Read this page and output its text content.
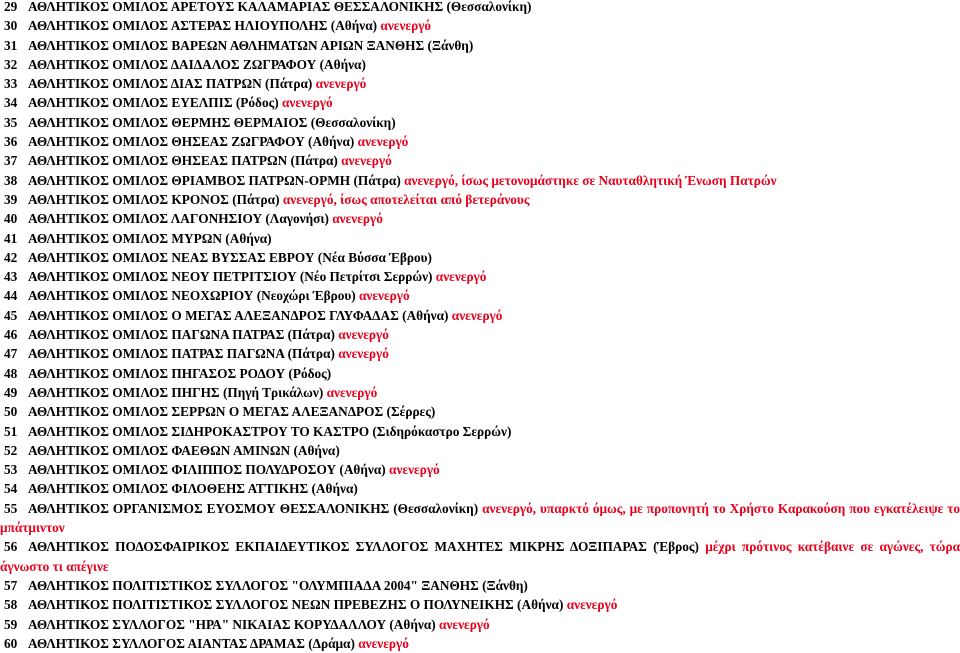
29 ΑΘΛΗΤΙΚΟΣ ΟΜΙΛΟΣ ΑΡΕΤΟΥΣ ΚΑΛΑΜΑΡΙΑΣ ΘΕΣΣΑΛΟΝΙΚΗΣ (Θεσσαλονίκη)
30 ΑΘΛΗΤΙΚΟΣ ΟΜΙΛΟΣ ΑΣΤΕΡΑΣ ΗΛΙΟΥΠΟΛΗΣ (Αθήνα) ανενεργό
31 ΑΘΛΗΤΙΚΟΣ ΟΜΙΛΟΣ ΒΑΡΕΩΝ ΑΘΛΗΜΑΤΩΝ ΑΡΙΩΝ ΞΑΝΘΗΣ (Ξάνθη)
32 ΑΘΛΗΤΙΚΟΣ ΟΜΙΛΟΣ ΔΑΙΔΑΛΟΣ ΖΩΓΡΑΦΟΥ (Αθήνα)
33 ΑΘΛΗΤΙΚΟΣ ΟΜΙΛΟΣ ΔΙΑΣ ΠΑΤΡΩΝ (Πάτρα) ανενεργό
34 ΑΘΛΗΤΙΚΟΣ ΟΜΙΛΟΣ ΕΥΕΛΠΙΣ (Ρόδος) ανενεργό
35 ΑΘΛΗΤΙΚΟΣ ΟΜΙΛΟΣ ΘΕΡΜΗΣ ΘΕΡΜΑΙΟΣ (Θεσσαλονίκη)
36 ΑΘΛΗΤΙΚΟΣ ΟΜΙΛΟΣ ΘΗΣΕΑΣ ΖΩΓΡΑΦΟΥ (Αθήνα) ανενεργό
37 ΑΘΛΗΤΙΚΟΣ ΟΜΙΛΟΣ ΘΗΣΕΑΣ ΠΑΤΡΩΝ (Πάτρα) ανενεργό
38 ΑΘΛΗΤΙΚΟΣ ΟΜΙΛΟΣ ΘΡΙΑΜΒΟΣ ΠΑΤΡΩΝ-ΟΡΜΗ (Πάτρα) ανενεργό, ίσως μετονομάστηκε σε Ναυταθλητική Ένωση Πατρών
39 ΑΘΛΗΤΙΚΟΣ ΟΜΙΛΟΣ ΚΡΟΝΟΣ (Πάτρα) ανενεργό, ίσως αποτελείται από βετεράνους
40 ΑΘΛΗΤΙΚΟΣ ΟΜΙΛΟΣ ΛΑΓΟΝΗΣΙΟΥ (Λαγονήσι) ανενεργό
41 ΑΘΛΗΤΙΚΟΣ ΟΜΙΛΟΣ ΜΥΡΩΝ (Αθήνα)
42 ΑΘΛΗΤΙΚΟΣ ΟΜΙΛΟΣ ΝΕΑΣ ΒΥΣΣΑΣ ΕΒΡΟΥ (Νέα Βύσσα Έβρου)
43 ΑΘΛΗΤΙΚΟΣ ΟΜΙΛΟΣ ΝΕΟΥ ΠΕΤΡΙΤΣΙΟΥ (Νέο Πετρίτσι Σερρών) ανενεργό
44 ΑΘΛΗΤΙΚΟΣ ΟΜΙΛΟΣ ΝΕΟΧΩΡΙΟΥ (Νεοχώρι Έβρου) ανενεργό
45 ΑΘΛΗΤΙΚΟΣ ΟΜΙΛΟΣ Ο ΜΕΓΑΣ ΑΛΕΞΑΝΔΡΟΣ ΓΛΥΦΑΔΑΣ (Αθήνα) ανενεργό
46 ΑΘΛΗΤΙΚΟΣ ΟΜΙΛΟΣ ΠΑΓΩΝΑ ΠΑΤΡΑΣ (Πάτρα) ανενεργό
47 ΑΘΛΗΤΙΚΟΣ ΟΜΙΛΟΣ ΠΑΤΡΑΣ ΠΑΓΩΝΑ (Πάτρα) ανενεργό
48 ΑΘΛΗΤΙΚΟΣ ΟΜΙΛΟΣ ΠΗΓΑΣΟΣ ΡΟΔΟΥ (Ρόδος)
49 ΑΘΛΗΤΙΚΟΣ ΟΜΙΛΟΣ ΠΗΓΗΣ (Πηγή Τρικάλων) ανενεργό
50 ΑΘΛΗΤΙΚΟΣ ΟΜΙΛΟΣ ΣΕΡΡΩΝ Ο ΜΕΓΑΣ ΑΛΕΞΑΝΔΡΟΣ (Σέρρες)
51 ΑΘΛΗΤΙΚΟΣ ΟΜΙΛΟΣ ΣΙΔΗΡΟΚΑΣΤΡΟΥ ΤΟ ΚΑΣΤΡΟ (Σιδηρόκαστρο Σερρών)
52 ΑΘΛΗΤΙΚΟΣ ΟΜΙΛΟΣ ΦΑΕΘΩΝ ΑΜΙΝΩΝ (Αθήνα)
53 ΑΘΛΗΤΙΚΟΣ ΟΜΙΛΟΣ ΦΙΛΙΠΠΟΣ ΠΟΛΥΔΡΟΣΟΥ (Αθήνα) ανενεργό
54 ΑΘΛΗΤΙΚΟΣ ΟΜΙΛΟΣ ΦΙΛΟΘΕΗΣ ΑΤΤΙΚΗΣ (Αθήνα)
55 ΑΘΛΗΤΙΚΟΣ ΟΡΓΑΝΙΣΜΟΣ ΕΥΟΣΜΟΥ ΘΕΣΣΑΛΟΝΙΚΗΣ (Θεσσαλονίκη) ανενεργό, υπαρκτό όμως, με προπονητή το Χρήστο Καρακούση που εγκατέλειψε το μπάτμιντον
56 ΑΘΛΗΤΙΚΟΣ ΠΟΔΟΣΦΑΙΡΙΚΟΣ ΕΚΠΑΙΔΕΥΤΙΚΟΣ ΣΥΛΛΟΓΟΣ ΜΑΧΗΤΕΣ ΜΙΚΡΗΣ ΔΟΞΙΠΑΡΑΣ (Έβρος) μέχρι πρότινος κατέβαινε σε αγώνες, τώρα άγνωστο τι απέγινε
57 ΑΘΛΗΤΙΚΟΣ ΠΟΛΙΤΙΣΤΙΚΟΣ ΣΥΛΛΟΓΟΣ "ΟΛΥΜΠΙΑΔΑ 2004" ΞΑΝΘΗΣ (Ξάνθη)
58 ΑΘΛΗΤΙΚΟΣ ΠΟΛΙΤΙΣΤΙΚΟΣ ΣΥΛΛΟΓΟΣ ΝΕΩΝ ΠΡΕΒΕΖΗΣ Ο ΠΟΛΥΝΕΙΚΗΣ (Αθήνα) ανενεργό
59 ΑΘΛΗΤΙΚΟΣ ΣΥΛΛΟΓΟΣ "ΗΡΑ" ΝΙΚΑΙΑΣ ΚΟΡΥΔΑΛΛΟΥ (Αθήνα) ανενεργό
60 ΑΘΛΗΤΙΚΟΣ ΣΥΛΛΟΓΟΣ ΑΙΑΝΤΑΣ ΔΡΑΜΑΣ (Δράμα) ανενεργό
